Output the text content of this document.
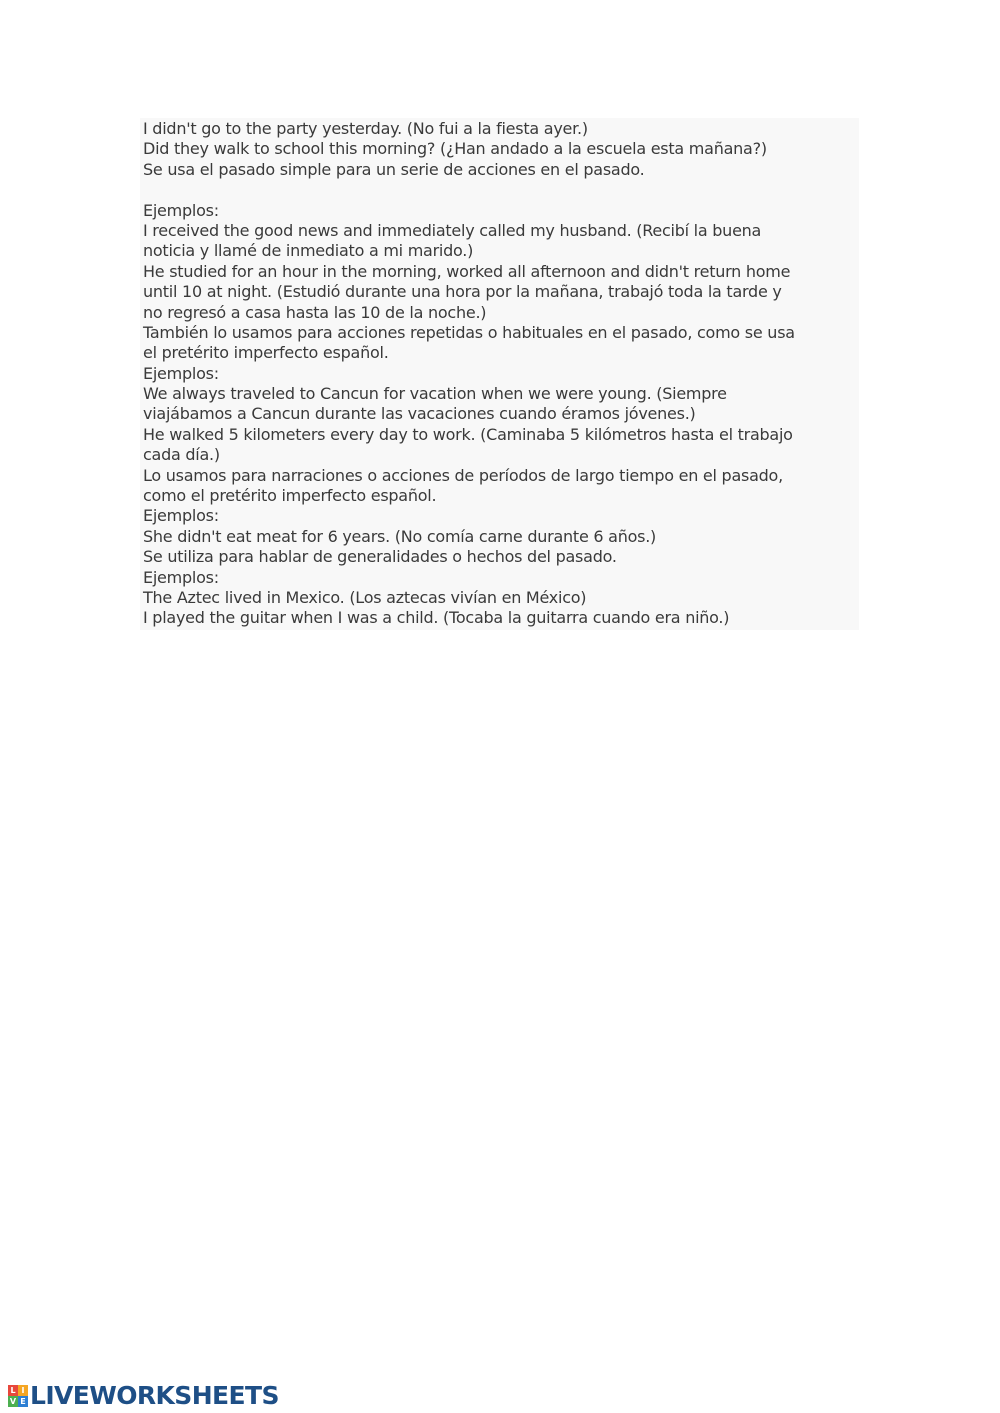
I didn't go to the party yesterday. (No fui a la fiesta ayer.)
Did they walk to school this morning? (¿Han andado a la escuela esta mañana?)
Se usa el pasado simple para un serie de acciones en el pasado.
Ejemplos:
I received the good news and immediately called my husband. (Recibí la buena
noticia y llamé de inmediato a mi marido.)
He studied for an hour in the morning, worked all afternoon and didn't return home
until 10 at night. (Estudió durante una hora por la mañana, trabajó toda la tarde y
no regresó a casa hasta las 10 de la noche.)
También lo usamos para acciones repetidas o habituales en el pasado, como se usa
el pretérito imperfecto español.
Ejemplos:
We always traveled to Cancun for vacation when we were young. (Siempre
viajábamos a Cancun durante las vacaciones cuando éramos jóvenes.)
He walked 5 kilometers every day to work. (Caminaba 5 kilómetros hasta el trabajo
cada día.)
Lo usamos para narraciones o acciones de períodos de largo tiempo en el pasado,
como el pretérito imperfecto español.
Ejemplos:
She didn't eat meat for 6 years. (No comía carne durante 6 años.)
Se utiliza para hablar de generalidades o hechos del pasado.
Ejemplos:
The Aztec lived in Mexico. (Los aztecas vivían en México)
I played the guitar when I was a child. (Tocaba la guitarra cuando era niño.)
L I
V E LIVEWORKSHEETS
